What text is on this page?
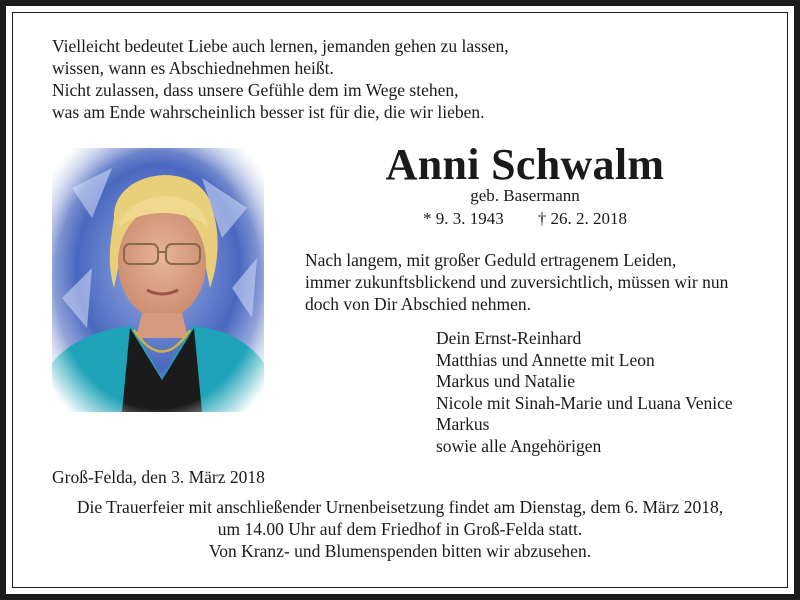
Vielleicht bedeutet Liebe auch lernen, jemanden gehen zu lassen,
wissen, wann es Abschiednehmen heißt.
Nicht zulassen, dass unsere Gefühle dem im Wege stehen,
was am Ende wahrscheinlich besser ist für die, die wir lieben.
Anni Schwalm
geb. Basermann
* 9. 3. 1943        † 26. 2. 2018
Nach langem, mit großer Geduld ertragenem Leiden,
immer zukunftsblickend und zuversichtlich, müssen wir nun
doch von Dir Abschied nehmen.
Dein Ernst-Reinhard
Matthias und Annette mit Leon
Markus und Natalie
Nicole mit Sinah-Marie und Luana Venice
Markus
sowie alle Angehörigen
Groß-Felda, den 3. März 2018
Die Trauerfeier mit anschließender Urnenbeisetzung findet am Dienstag, dem 6. März 2018,
um 14.00 Uhr auf dem Friedhof in Groß-Felda statt.
Von Kranz- und Blumenspenden bitten wir abzusehen.
